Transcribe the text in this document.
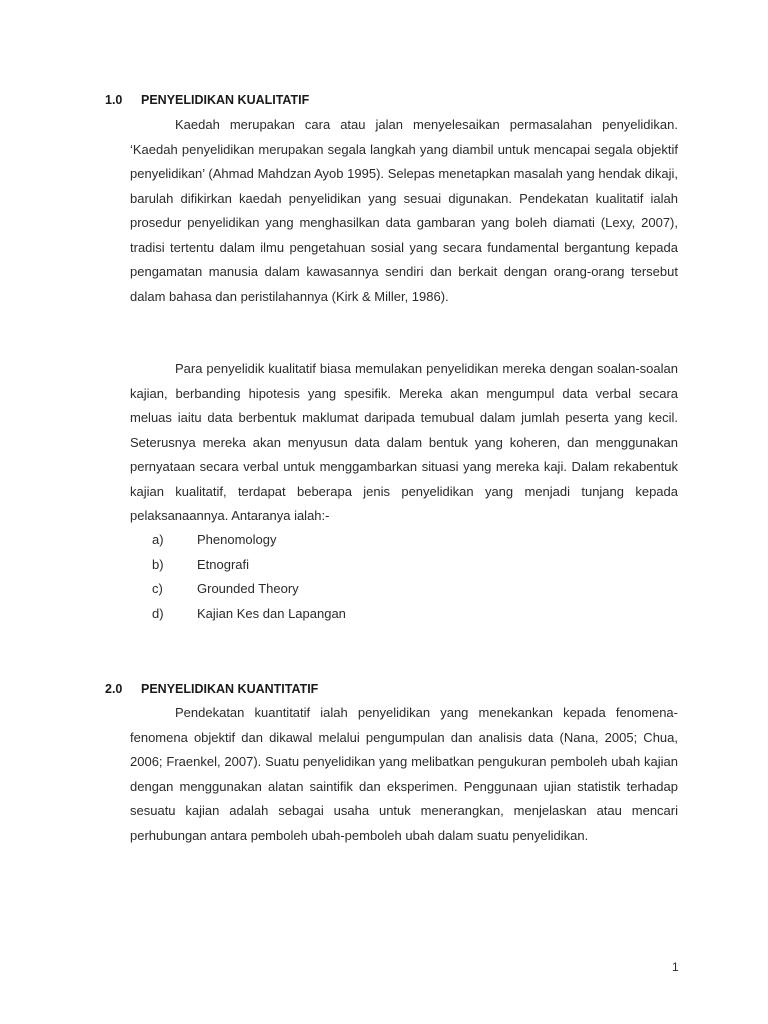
1.0 PENYELIDIKAN KUALITATIF

Kaedah merupakan cara atau jalan menyelesaikan permasalahan penyelidikan. ‘Kaedah penyelidikan merupakan segala langkah yang diambil untuk mencapai segala objektif penyelidikan’ (Ahmad Mahdzan Ayob 1995). Selepas menetapkan masalah yang hendak dikaji, barulah difikirkan kaedah penyelidikan yang sesuai digunakan. Pendekatan kualitatif ialah prosedur penyelidikan yang menghasilkan data gambaran yang boleh diamati (Lexy, 2007), tradisi tertentu dalam ilmu pengetahuan sosial yang secara fundamental bergantung kepada pengamatan manusia dalam kawasannya sendiri dan berkait dengan orang-orang tersebut dalam bahasa dan peristilahannya (Kirk & Miller, 1986).

Para penyelidik kualitatif biasa memulakan penyelidikan mereka dengan soalan-soalan kajian, berbanding hipotesis yang spesifik. Mereka akan mengumpul data verbal secara meluas iaitu data berbentuk maklumat daripada temubual dalam jumlah peserta yang kecil. Seterusnya mereka akan menyusun data dalam bentuk yang koheren, dan menggunakan pernyataan secara verbal untuk menggambarkan situasi yang mereka kaji. Dalam rekabentuk kajian kualitatif, terdapat beberapa jenis penyelidikan yang menjadi tunjang kepada pelaksanaannya. Antaranya ialah:-

a)	Phenomology
b)	Etnografi
c)	Grounded Theory
d)	Kajian Kes dan Lapangan
2.0 PENYELIDIKAN KUANTITATIF

Pendekatan kuantitatif ialah penyelidikan yang menekankan kepada fenomena-fenomena objektif dan dikawal melalui pengumpulan dan analisis data (Nana, 2005; Chua, 2006; Fraenkel, 2007). Suatu penyelidikan yang melibatkan pengukuran pemboleh ubah kajian dengan menggunakan alatan saintifik dan eksperimen. Penggunaan ujian statistik terhadap sesuatu kajian adalah sebagai usaha untuk menerangkan, menjelaskan atau mencari perhubungan antara pemboleh ubah-pemboleh ubah dalam suatu penyelidikan.

1
